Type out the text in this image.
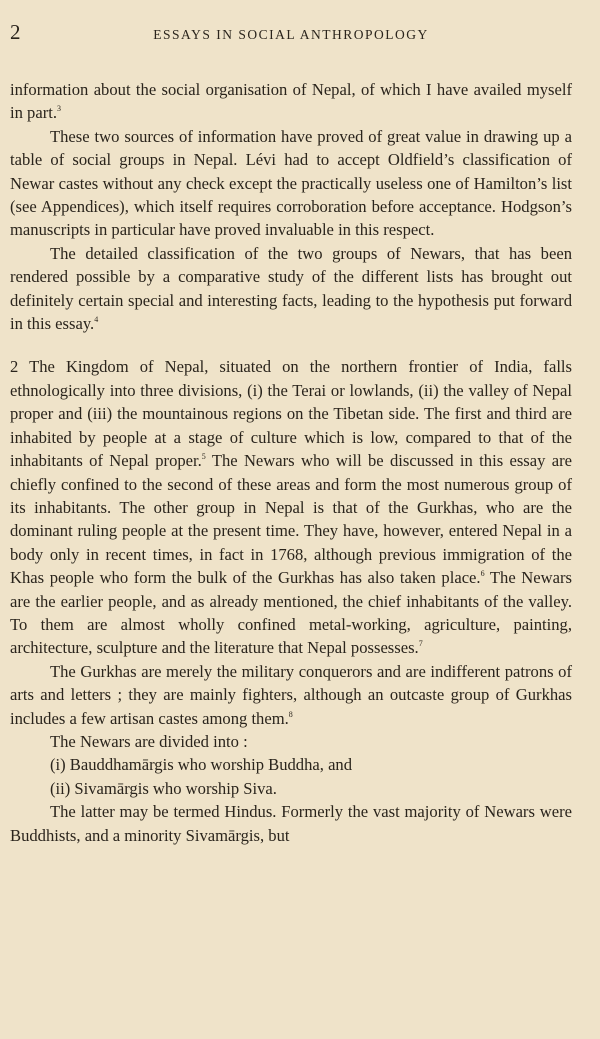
2	ESSAYS IN SOCIAL ANTHROPOLOGY

information about the social organisation of Nepal, of which I have availed myself in part.$^3$

These two sources of information have proved of great value in drawing up a table of social groups in Nepal. Lévi had to accept Oldfield’s classification of Newar castes without any check except the practically useless one of Hamilton’s list (see Appendices), which itself requires corroboration before acceptance. Hodgson’s manuscripts in particular have proved invaluable in this respect.

The detailed classification of the two groups of Newars, that has been rendered possible by a comparative study of the different lists has brought out definitely certain special and interesting facts, leading to the hypothesis put forward in this essay.$^4$

2 The Kingdom of Nepal, situated on the northern frontier of India, falls ethnologically into three divisions, (i) the Terai or lowlands, (ii) the valley of Nepal proper and (iii) the mountainous regions on the Tibetan side. The first and third are inhabited by people at a stage of culture which is low, compared to that of the inhabitants of Nepal proper.$^5$ The Newars who will be discussed in this essay are chiefly confined to the second of these areas and form the most numerous group of its inhabitants. The other group in Nepal is that of the Gurkhas, who are the dominant ruling people at the present time. They have, however, entered Nepal in a body only in recent times, in fact in 1768, although previous immigration of the Khas people who form the bulk of the Gurkhas has also taken place.$^6$ The Newars are the earlier people, and as already mentioned, the chief inhabitants of the valley. To them are almost wholly confined metal-working, agriculture, painting, architecture, sculpture and the literature that Nepal possesses.$^7$

The Gurkhas are merely the military conquerors and are indifferent patrons of arts and letters ; they are mainly fighters, although an outcaste group of Gurkhas includes a few artisan castes among them.$^8$

The Newars are divided into :

(i) Bauddhamārgis who worship Buddha, and

(ii) Sivamārgis who worship Siva.

The latter may be termed Hindus. Formerly the vast majority of Newars were Buddhists, and a minority Sivamārgis, but
